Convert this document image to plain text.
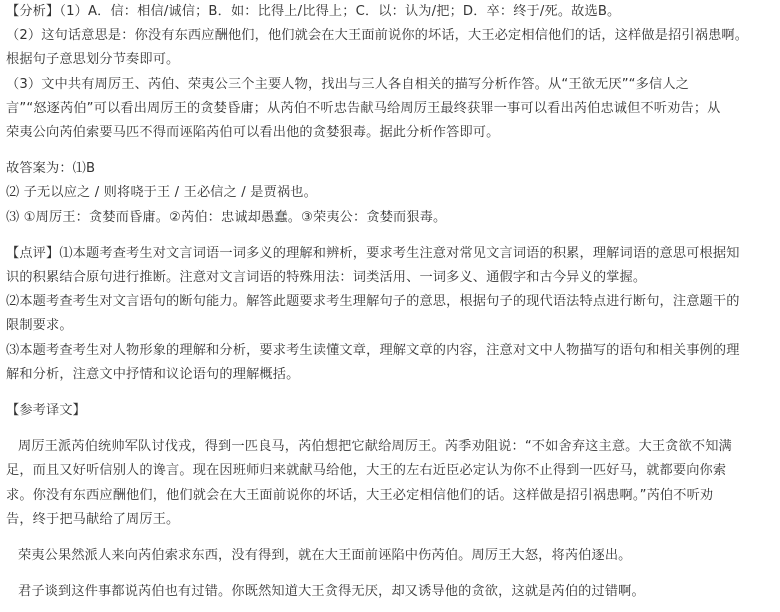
【分析】（1）A．信：相信/诚信；B．如：比得上/比得上；C．以：认为/把；D．卒：终于/死。故选B。
（2）这句话意思是：你没有东西应酬他们，他们就会在大王面前说你的坏话，大王必定相信他们的话，这样做是招引祸患啊。
根据句子意思划分节奏即可。
（3）文中共有周厉王、芮伯、荣夷公三个主要人物，找出与三人各自相关的描写分析作答。从“王欲无厌”“多信人之
言”“怒逐芮伯”可以看出周厉王的贪婪昏庸；从芮伯不听忠告献马给周厉王最终获罪一事可以看出芮伯忠诚但不听劝告；从
荣夷公向芮伯索要马匹不得而诬陷芮伯可以看出他的贪婪狠毒。据此分析作答即可。
故答案为：⑴B
⑵ 子无以应之 / 则将哓于王 / 王必信之 / 是贾祸也。
⑶ ①周厉王：贪婪而昏庸。②芮伯：忠诚却愚蠢。③荣夷公：贪婪而狠毒。
【点评】⑴本题考查考生对文言词语一词多义的理解和辨析，要求考生注意对常见文言词语的积累，理解词语的意思可根据知
识的积累结合原句进行推断。注意对文言词语的特殊用法：词类活用、一词多义、通假字和古今异义的掌握。
⑵本题考查考生对文言语句的断句能力。解答此题要求考生理解句子的意思，根据句子的现代语法特点进行断句，注意题干的
限制要求。
⑶本题考查考生对人物形象的理解和分析，要求考生读懂文章，理解文章的内容，注意对文中人物描写的语句和相关事例的理
解和分析，注意文中抒情和议论语句的理解概括。
【参考译文】
周厉王派芮伯统帅军队讨伐戎，得到一匹良马，芮伯想把它献给周厉王。芮季劝阻说：“不如舍弃这主意。大王贪欲不知满
足，而且又好听信别人的谗言。现在因班师归来就献马给他，大王的左右近臣必定认为你不止得到一匹好马，就都要向你索
求。你没有东西应酬他们，他们就会在大王面前说你的坏话，大王必定相信他们的话。这样做是招引祸患啊。”芮伯不听劝
告，终于把马献给了周厉王。
荣夷公果然派人来向芮伯索求东西，没有得到，就在大王面前诬陷中伤芮伯。周厉王大怒，将芮伯逐出。
君子谈到这件事都说芮伯也有过错。你既然知道大王贪得无厌，却又诱导他的贪欲，这就是芮伯的过错啊。
